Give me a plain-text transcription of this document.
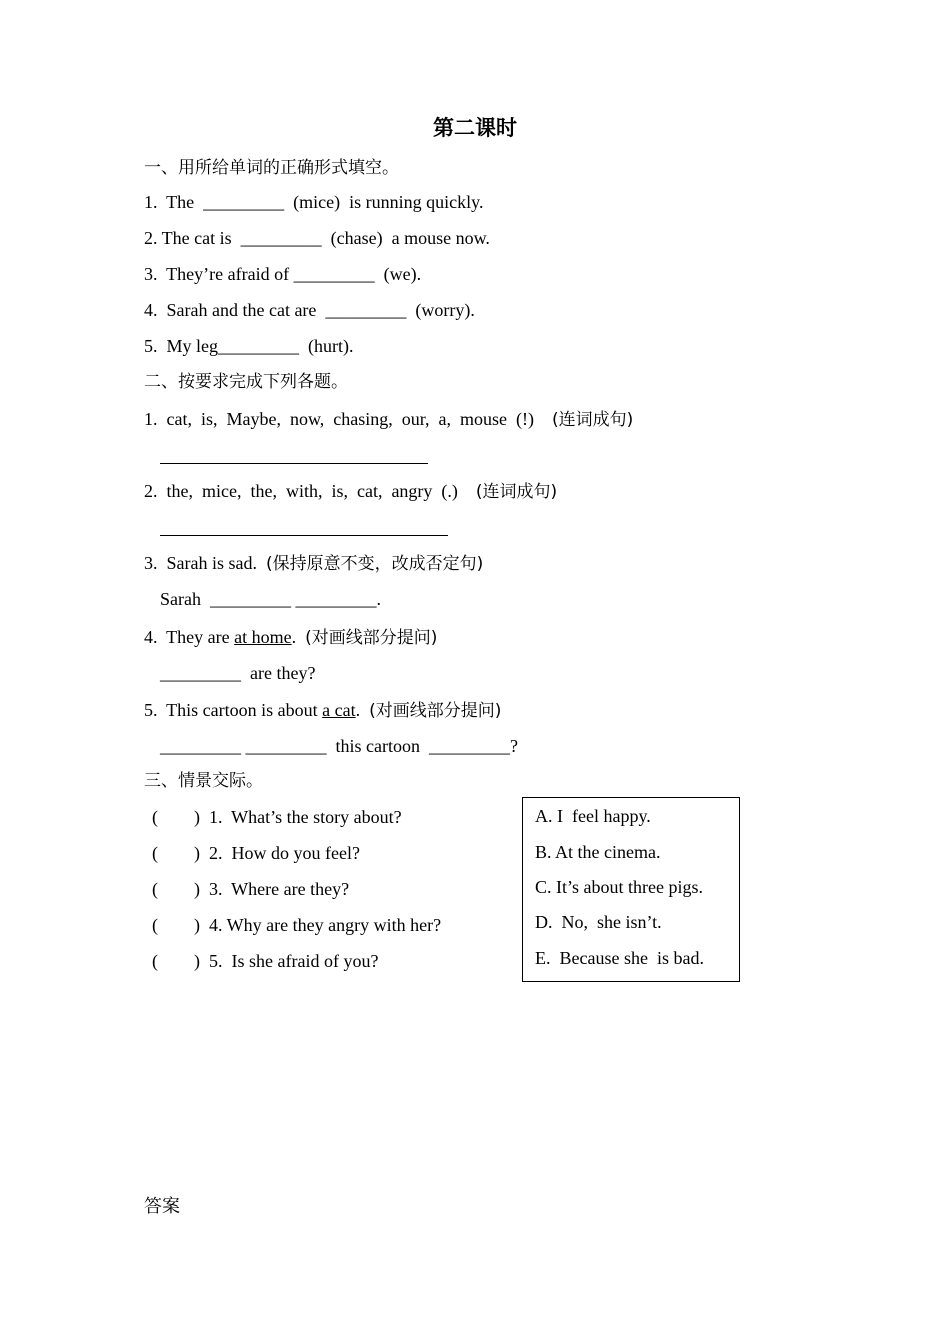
第二课时
一、用所给单词的正确形式填空。
1.  The  _________  (mice)  is running quickly.
2. The cat is  _________  (chase)  a mouse now.
3.  They’re afraid of _________  (we).
4.  Sarah and the cat are  _________  (worry).
5.  My leg_________  (hurt).
二、按要求完成下列各题。
1.  cat,  is,  Maybe,  now,  chasing,  our,  a,  mouse  (!) (连词成句)
2.  the,  mice,  the,  with,  is,  cat,  angry  (.) (连词成句)
3.  Sarah is sad.  (保持原意不变，改成否定句)
Sarah  _________ _________.
4.  They are at home.  (对画线部分提问)
_________  are they?
5.  This cartoon is about a cat.  (对画线部分提问)
_________ _________  this cartoon  _________?
三、情景交际。
(        )  1.  What’s the story about?
(        )  2.  How do you feel?
(        )  3.  Where are they?
(        )  4. Why are they angry with her?
(        )  5.  Is she afraid of you?
A. I  feel happy.
B. At the cinema.
C. It’s about three pigs.
D.  No,  she isn’t.
E.  Because she  is bad.
答案
